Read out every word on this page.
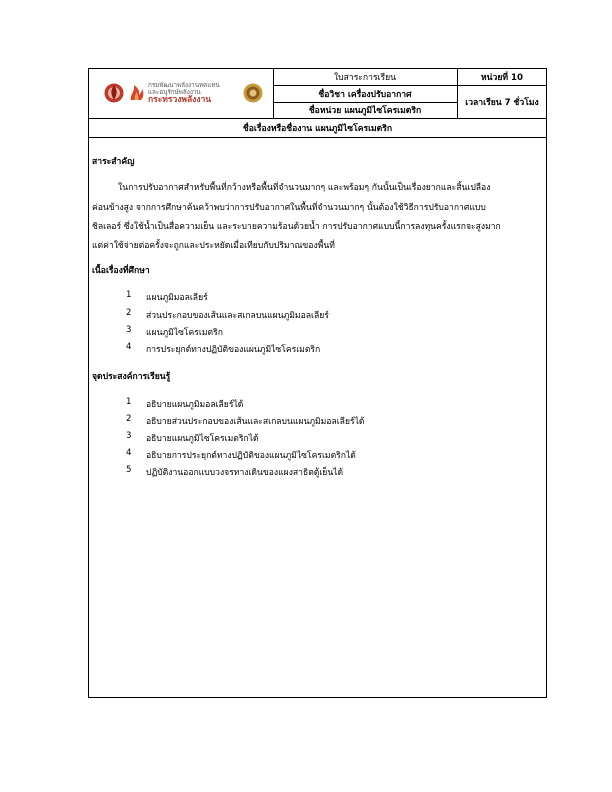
กรมพัฒนาพลังงานทดแทน
และอนุรักษ์พลังงาน
กระทรวงพลังงาน
ใบสาระการเรียน	หน่วยที่ 10
ชื่อวิชา เครื่องปรับอากาศ
ชื่อหน่วย แผนภูมิไซโครเมตริก
เวลาเรียน 7 ชั่วโมง
ชื่อเรื่องหรือชื่องาน แผนภูมิไซโครเมตริก
สาระสำคัญ
ในการปรับอากาศสำหรับพื้นที่กว้างหรือพื้นที่จำนวนมากๆ และพร้อมๆ กันนั้นเป็นเรื่องยากและสิ้นเปลือง
ค่อนข้างสูง จากการศึกษาค้นคว้าพบว่าการปรับอากาศในพื้นที่จำนวนมากๆ นั้นต้องใช้วิธีการปรับอากาศแบบ
ชิลเลอร์ ซึ่งใช้น้ำเป็นสื่อความเย็น และระบายความร้อนด้วยน้ำ การปรับอากาศแบบนี้การลงทุนครั้งแรกจะสูงมาก
แต่ค่าใช้จ่ายต่อครั้งจะถูกและประหยัดเมื่อเทียบกับปริมาณของพื้นที่
เนื้อเรื่องที่ศึกษา
1 แผนภูมิมอลเลียร์
2 ส่วนประกอบของเส้นและสเกลบนแผนภูมิมอลเลียร์
3 แผนภูมิไซโครเมตริก
4 การประยุกต์ทางปฏิบัติของแผนภูมิไซโครเมตริก
จุดประสงค์การเรียนรู้
1 อธิบายแผนภูมิมอลเลียร์ได้
2 อธิบายส่วนประกอบของเส้นและสเกลบนแผนภูมิมอลเลียร์ได้
3 อธิบายแผนภูมิไซโครเมตริกได้
4 อธิบายการประยุกต์ทางปฏิบัติของแผนภูมิไซโครเมตริกได้
5 ปฏิบัติงานออกแบบวงจรทางเดินของแผงสาธิตตู้เย็นได้
